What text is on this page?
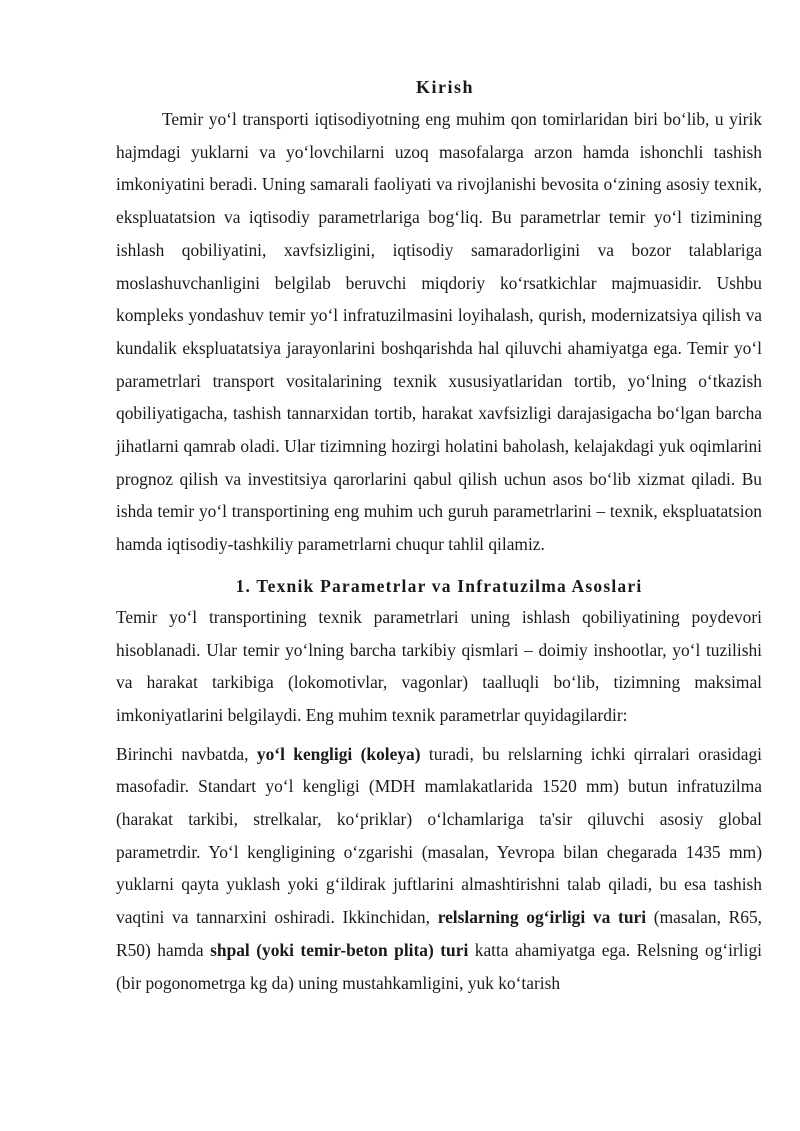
Kirish

Temir yo‘l transporti iqtisodiyotning eng muhim qon tomirlaridan biri bo‘lib, u yirik hajmdagi yuklarni va yo‘lovchilarni uzoq masofalarga arzon hamda ishonchli tashish imkoniyatini beradi. Uning samarali faoliyati va rivojlanishi bevosita o‘zining asosiy texnik, ekspluatatsion va iqtisodiy parametrlariga bog‘liq. Bu parametrlar temir yo‘l tizimining ishlash qobiliyatini, xavfsizligini, iqtisodiy samaradorligini va bozor talablariga moslashuvchanligini belgilab beruvchi miqdoriy ko‘rsatkichlar majmuasidir. Ushbu kompleks yondashuv temir yo‘l infratuzilmasini loyihalash, qurish, modernizatsiya qilish va kundalik ekspluatatsiya jarayonlarini boshqarishda hal qiluvchi ahamiyatga ega. Temir yo‘l parametrlari transport vositalarining texnik xususiyatlaridan tortib, yo‘lning o‘tkazish qobiliyatigacha, tashish tannarxidan tortib, harakat xavfsizligi darajasigacha bo‘lgan barcha jihatlarni qamrab oladi. Ular tizimning hozirgi holatini baholash, kelajakdagi yuk oqimlarini prognoz qilish va investitsiya qarorlarini qabul qilish uchun asos bo‘lib xizmat qiladi. Bu ishda temir yo‘l transportining eng muhim uch guruh parametrlarini – texnik, ekspluatatsion hamda iqtisodiy-tashkiliy parametrlarni chuqur tahlil qilamiz.

1. Texnik Parametrlar va Infratuzilma Asoslari

Temir yo‘l transportining texnik parametrlari uning ishlash qobiliyatining poydevori hisoblanadi. Ular temir yo‘lning barcha tarkibiy qismlari – doimiy inshootlar, yo‘l tuzilishi va harakat tarkibiga (lokomotivlar, vagonlar) taalluqli bo‘lib, tizimning maksimal imkoniyatlarini belgilaydi. Eng muhim texnik parametrlar quyidagilardir:

Birinchi navbatda, yo‘l kengligi (koleya) turadi, bu relslarning ichki qirralari orasidagi masofadir. Standart yo‘l kengligi (MDH mamlakatlarida 1520 mm) butun infratuzilma (harakat tarkibi, strelkalar, ko‘priklar) o‘lchamlariga ta'sir qiluvchi asosiy global parametrdir. Yo‘l kengligining o‘zgarishi (masalan, Yevropa bilan chegarada 1435 mm) yuklarni qayta yuklash yoki g‘ildirak juftlarini almashtirishni talab qiladi, bu esa tashish vaqtini va tannarxini oshiradi. Ikkinchidan, relslarning og‘irligi va turi (masalan, R65, R50) hamda shpal (yoki temir-beton plita) turi katta ahamiyatga ega. Relsning og‘irligi (bir pogonometrga kg da) uning mustahkamligini, yuk ko‘tarish
